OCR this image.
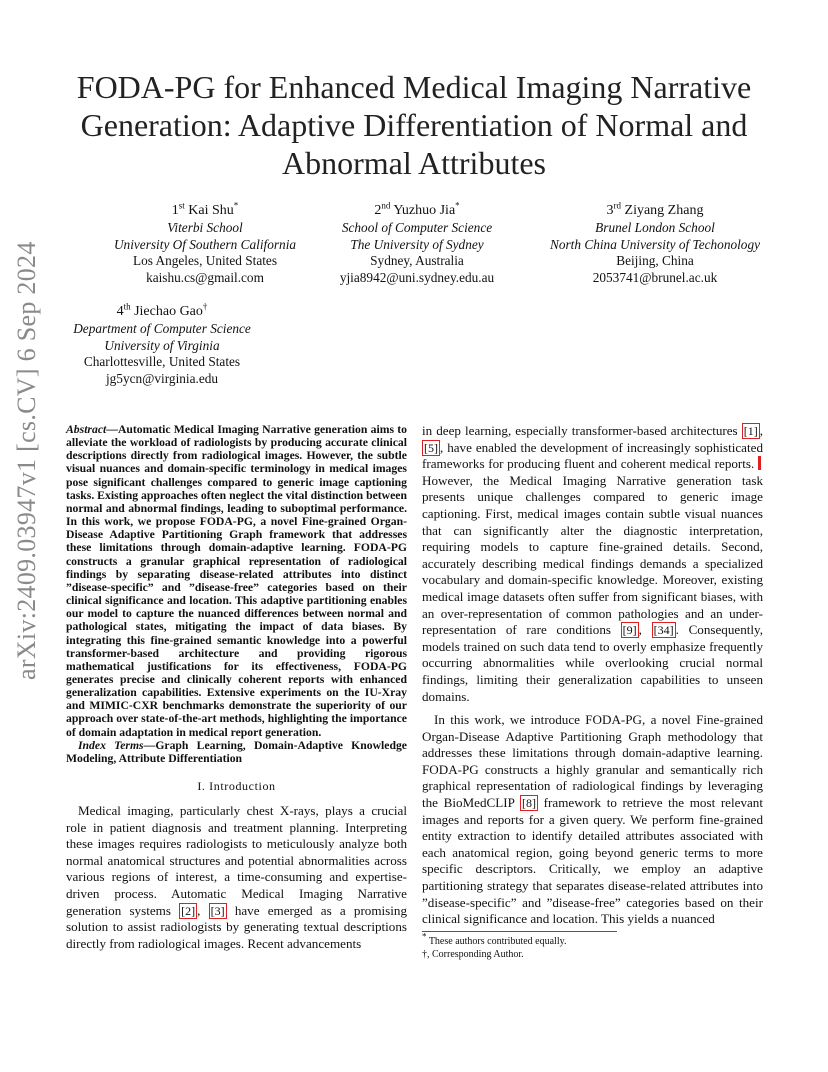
FODA-PG for Enhanced Medical Imaging Narrative
Generation: Adaptive Differentiation of Normal and
Abnormal Attributes
1st Kai Shu*
Viterbi School
University Of Southern California
Los Angeles, United States
kaishu.cs@gmail.com
2nd Yuzhuo Jia*
School of Computer Science
The University of Sydney
Sydney, Australia
yjia8942@uni.sydney.edu.au
3rd Ziyang Zhang
Brunel London School
North China University of Techonology
Beijing, China
2053741@brunel.ac.uk
4th Jiechao Gao†
Department of Computer Science
University of Virginia
Charlottesville, United States
jg5ycn@virginia.edu
arXiv:2409.03947v1 [cs.CV] 6 Sep 2024	Abstract—Automatic Medical Imaging Narrative generation aims to alleviate the workload of radiologists by producing accurate clinical descriptions directly from radiological images. However, the subtle visual nuances and domain-specific terminology in medical images pose significant challenges compared to generic image captioning tasks. Existing approaches often neglect the vital distinction between normal and abnormal findings, leading to suboptimal performance. In this work, we propose FODA-PG, a novel Fine-grained Organ-Disease Adaptive Partitioning Graph framework that addresses these limitations through domain-adaptive learning. FODA-PG constructs a granular graphical representation of radiological findings by separating disease-related attributes into distinct ”disease-specific” and ”disease-free” categories based on their clinical significance and location. This adaptive partitioning enables our model to capture the nuanced differences between normal and pathological states, mitigating the impact of data biases. By integrating this fine-grained semantic knowledge into a powerful transformer-based architecture and providing rigorous mathematical justifications for its effectiveness, FODA-PG generates precise and clinically coherent reports with enhanced generalization capabilities. Extensive experiments on the IU-Xray and MIMIC-CXR benchmarks demonstrate the superiority of our approach over state-of-the-art methods, highlighting the importance of domain adaptation in medical report generation.
Index Terms—Graph Learning, Domain-Adaptive Knowledge Modeling, Attribute Differentiation
I. Introduction

Medical imaging, particularly chest X-rays, plays a crucial role in patient diagnosis and treatment planning. Interpreting these images requires radiologists to meticulously analyze both normal anatomical structures and potential abnormalities across various regions of interest, a time-consuming and expertise-driven process. Automatic Medical Imaging Narrative generation systems [2] , [3] have emerged as a promising solution to assist radiologists by generating textual descriptions directly from radiological images. Recent advancements

in deep learning, especially transformer-based architectures [1] , [5] , have enabled the development of increasingly sophisticated frameworks for producing fluent and coherent medical reports. However, the Medical Imaging Narrative generation task presents unique challenges compared to generic image captioning. First, medical images contain subtle visual nuances that can significantly alter the diagnostic interpretation, requiring models to capture fine-grained details. Second, accurately describing medical findings demands a specialized vocabulary and domain-specific knowledge. Moreover, existing medical image datasets often suffer from significant biases, with an over-representation of common pathologies and an under-representation of rare conditions [9] , [34] . Consequently, models trained on such data tend to overly emphasize frequently occurring abnormalities while overlooking crucial normal findings, limiting their generalization capabilities to unseen domains.

In this work, we introduce FODA-PG, a novel Fine-grained Organ-Disease Adaptive Partitioning Graph methodology that addresses these limitations through domain-adaptive learning. FODA-PG constructs a highly granular and semantically rich graphical representation of radiological findings by leveraging the BioMedCLIP [8] framework to retrieve the most relevant images and reports for a given query. We perform fine-grained entity extraction to identify detailed attributes associated with each anatomical region, going beyond generic terms to more specific descriptors. Critically, we employ an adaptive partitioning strategy that separates disease-related attributes into ”disease-specific” and ”disease-free” categories based on their clinical significance and location. This yields a nuanced

* These authors contributed equally.
†, Corresponding Author.
